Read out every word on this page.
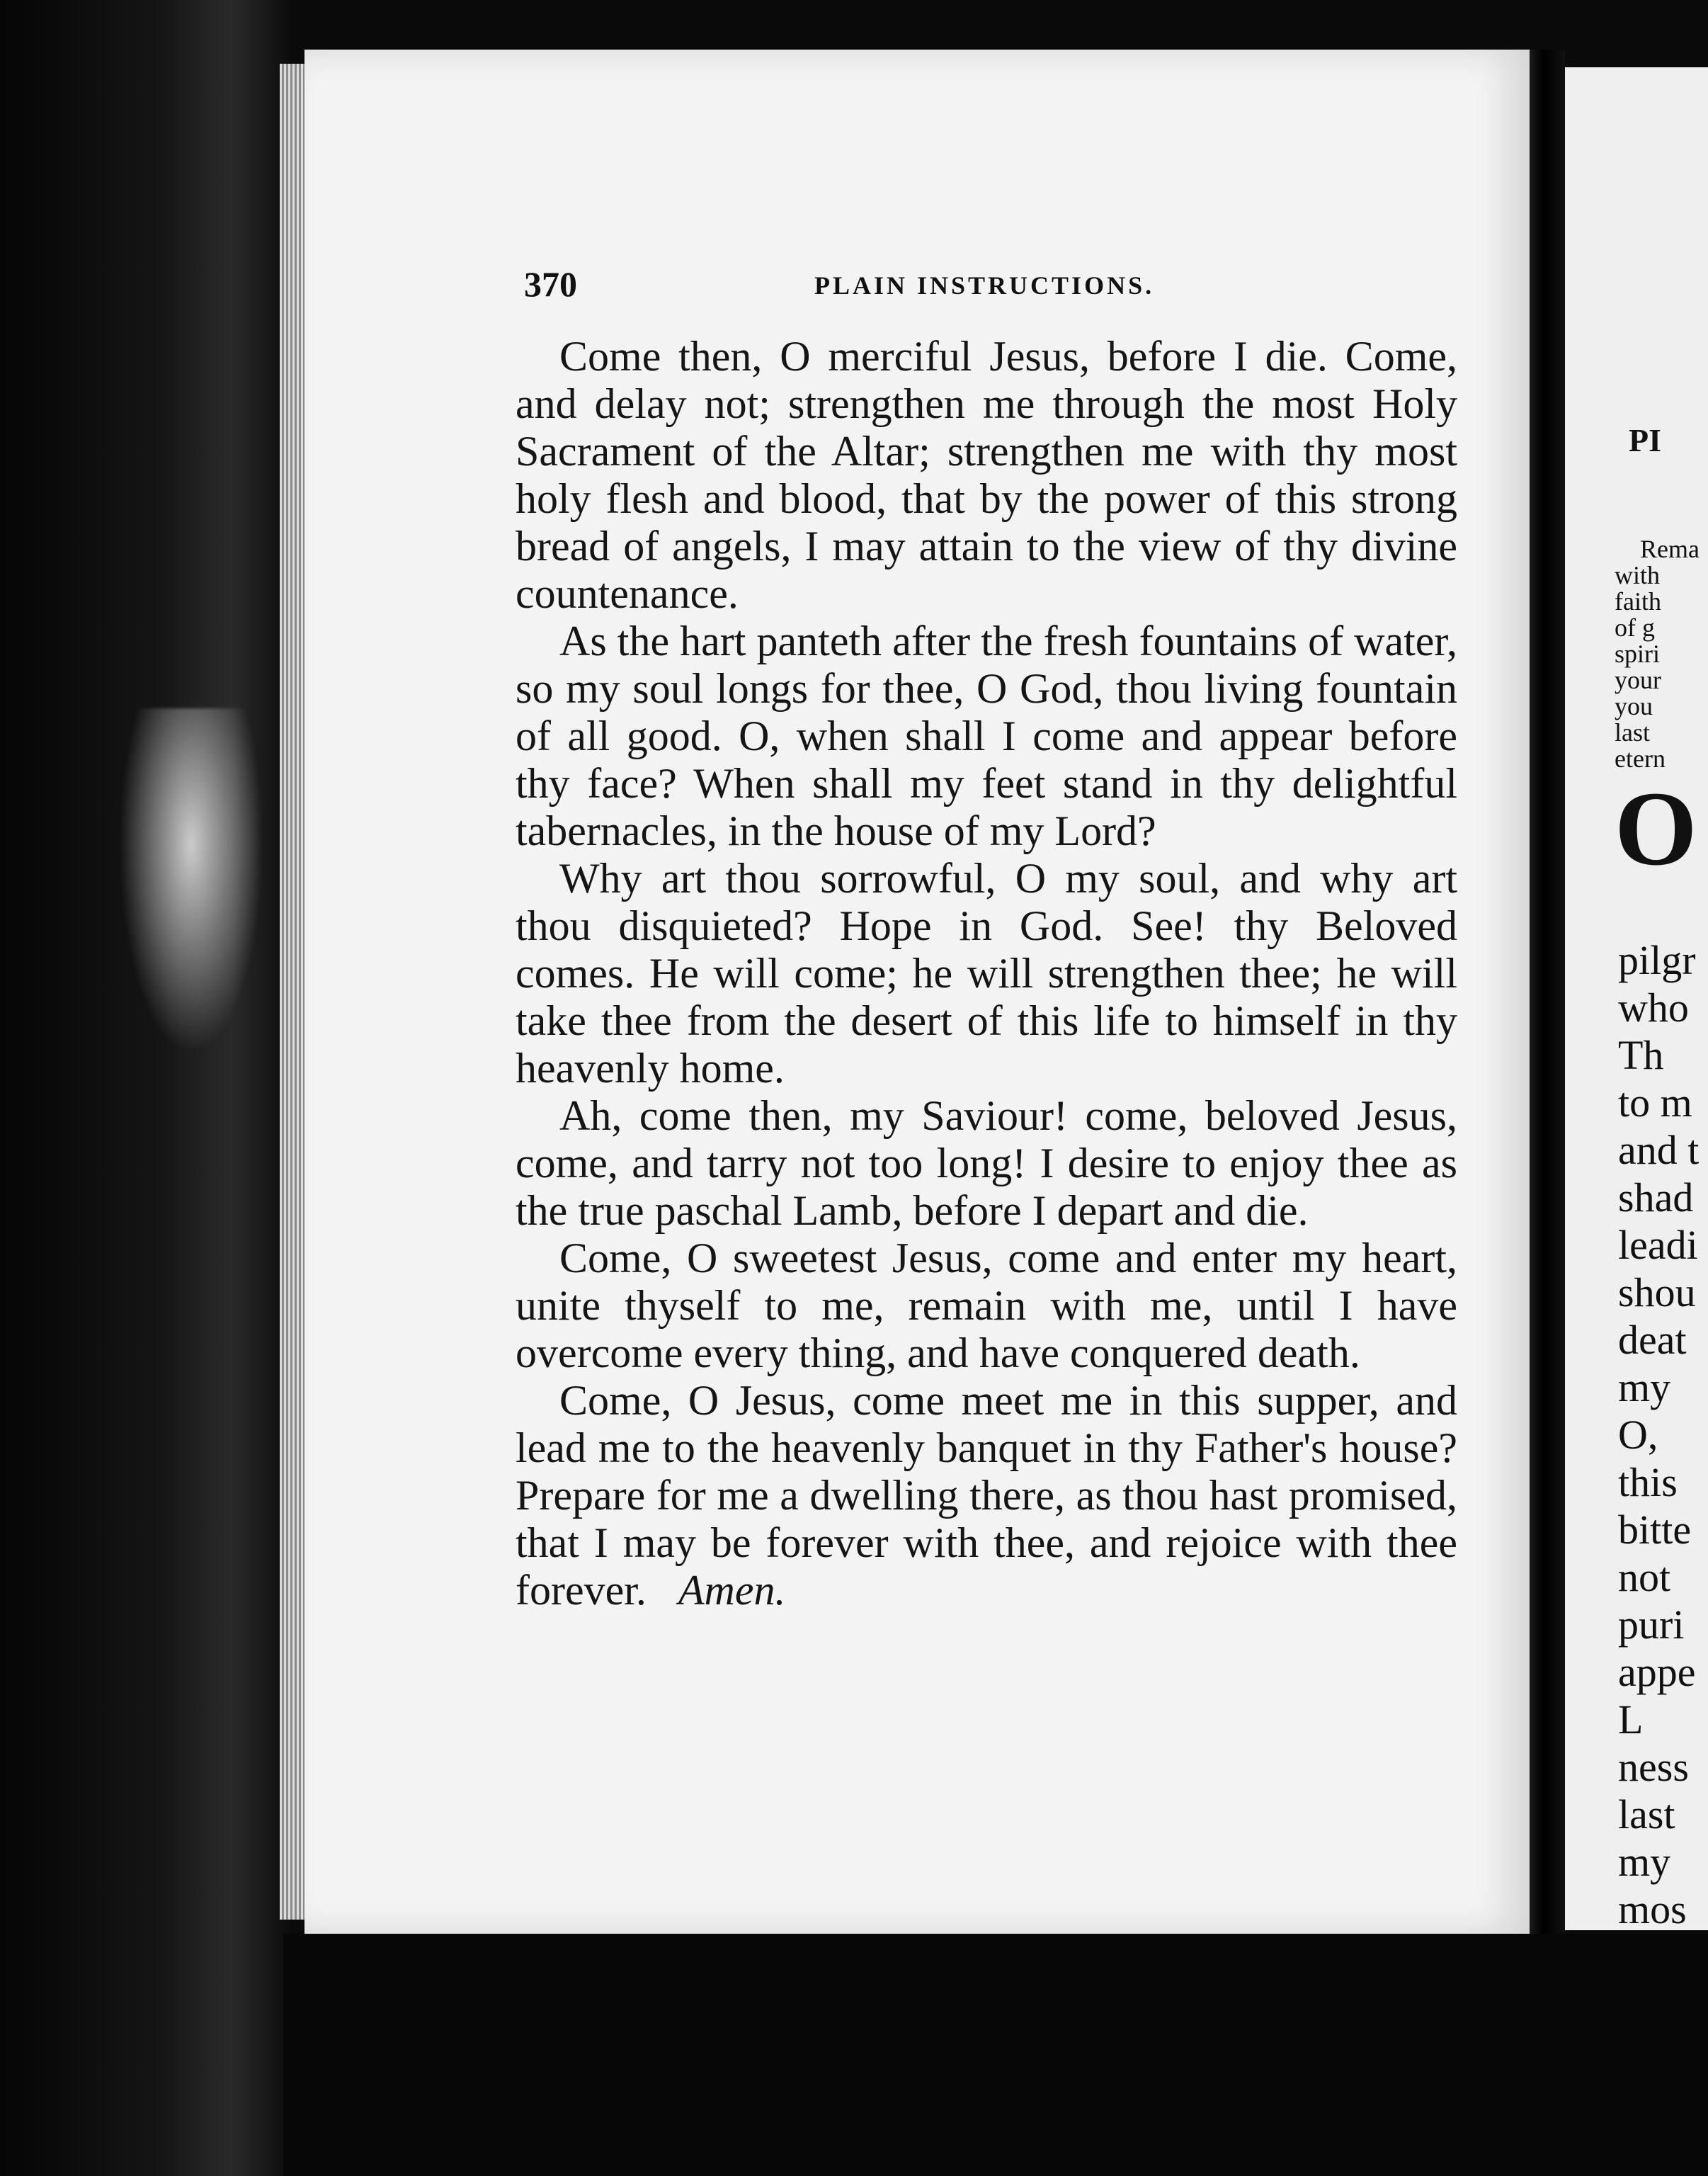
370	PLAIN INSTRUCTIONS.

Come then, O merciful Jesus, before I die. Come, and delay not; strengthen me through the most Holy Sacrament of the Altar; strengthen me with thy most holy flesh and blood, that by the power of this strong bread of angels, I may attain to the view of thy divine countenance.

As the hart panteth after the fresh fountains of water, so my soul longs for thee, O God, thou living fountain of all good. O, when shall I come and appear before thy face? When shall my feet stand in thy delightful tabernacles, in the house of my Lord?

Why art thou sorrowful, O my soul, and why art thou disquieted? Hope in God. See! thy Beloved comes. He will come; he will strengthen thee; he will take thee from the desert of this life to himself in thy heavenly home.

Ah, come then, my Saviour! come, beloved Jesus, come, and tarry not too long! I desire to enjoy thee as the true paschal Lamb, before I depart and die.

Come, O sweetest Jesus, come and enter my heart, unite thyself to me, remain with me, until I have overcome every thing, and have conquered death.

Come, O Jesus, come meet me in this supper, and lead me to the heavenly banquet in thy Father's house? Prepare for me a dwelling there, as thou hast promised, that I may be forever with thee, and rejoice with thee forever. Amen.

PI

Rema
with
faith
of g
spiri
your
you
last
etern

O

pilgr
who
Th
to m
and t
shad
leadi
shou
deat
my
O,
this
bitte
not
puri
appe
L
ness
last
my
mos
